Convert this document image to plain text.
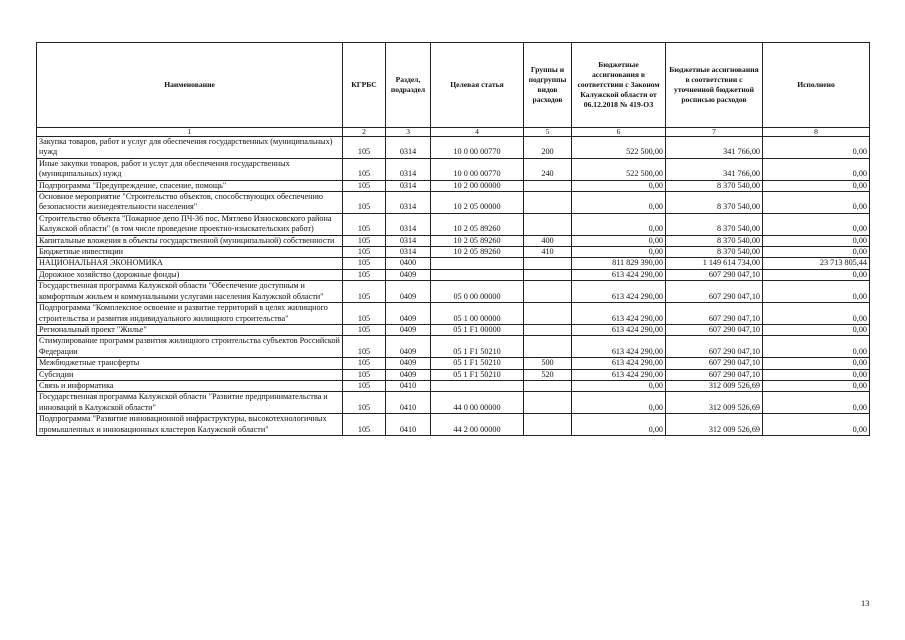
Наименование	КГРБС	Раздел, подраздел	Целевая статья	Группы и подгруппы видов расходов	Бюджетные ассигнования в соответствии с Законом Калужской области от 06.12.2018 № 419-ОЗ	Бюджетные ассигнования в соответствии с уточненной бюджетной росписью расходов	Исполнено
1	2	3	4	5	6	7	8
Закупка товаров, работ и услуг для обеспечения государственных (муниципальных) нужд	105	0314	10 0 00 00770	200	522 500,00	341 766,00	0,00
Иные закупки товаров, работ и услуг для обеспечения государственных (муниципальных) нужд	105	0314	10 0 00 00770	240	522 500,00	341 766,00	0,00
Подпрограмма "Предупреждение, спасение, помощь"	105	0314	10 2 00 00000		0,00	8 370 540,00	0,00
Основное мероприятие "Строительство объектов, способствующих обеспечению безопасности жизнедеятельности населения"	105	0314	10 2 05 00000		0,00	8 370 540,00	0,00
Строительство объекта "Пожарное депо ПЧ-36 пос. Мятлево Износковского района Калужской области" (в том числе проведение проектно-изыскательских работ)	105	0314	10 2 05 89260		0,00	8 370 540,00	0,00
Капитальные вложения в объекты государственной (муниципальной) собственности	105	0314	10 2 05 89260	400	0,00	8 370 540,00	0,00
Бюджетные инвестиции	105	0314	10 2 05 89260	410	0,00	8 370 540,00	0,00
НАЦИОНАЛЬНАЯ ЭКОНОМИКА	105	0400			811 829 390,00	1 149 614 734,00	23 713 805,44
Дорожное хозяйство (дорожные фонды)	105	0409			613 424 290,00	607 290 047,10	0,00
Государственная программа Калужской области "Обеспечение доступным и комфортным жильем и коммунальными услугами населения Калужской области"	105	0409	05 0 00 00000		613 424 290,00	607 290 047,10	0,00
Подпрограмма "Комплексное освоение и развитие территорий в целях жилищного строительства и развития индивидуального жилищного строительства"	105	0409	05 1 00 00000		613 424 290,00	607 290 047,10	0,00
Региональный проект "Жилье"	105	0409	05 1 F1 00000		613 424 290,00	607 290 047,10	0,00
Стимулирование программ развития жилищного строительства субъектов Российской Федерации	105	0409	05 1 F1 50210		613 424 290,00	607 290 047,10	0,00
Межбюджетные трансферты	105	0409	05 1 F1 50210	500	613 424 290,00	607 290 047,10	0,00
Субсидии	105	0409	05 1 F1 50210	520	613 424 290,00	607 290 047,10	0,00
Связь и информатика	105	0410			0,00	312 009 526,69	0,00
Государственная программа Калужской области "Развитие предпринимательства и инноваций в Калужской области"	105	0410	44 0 00 00000		0,00	312 009 526,69	0,00
Подпрограмма "Развитие инновационной инфраструктуры, высокотехнологичных промышленных и инновационных кластеров Калужской области"	105	0410	44 2 00 00000		0,00	312 009 526,69	0,00
13
